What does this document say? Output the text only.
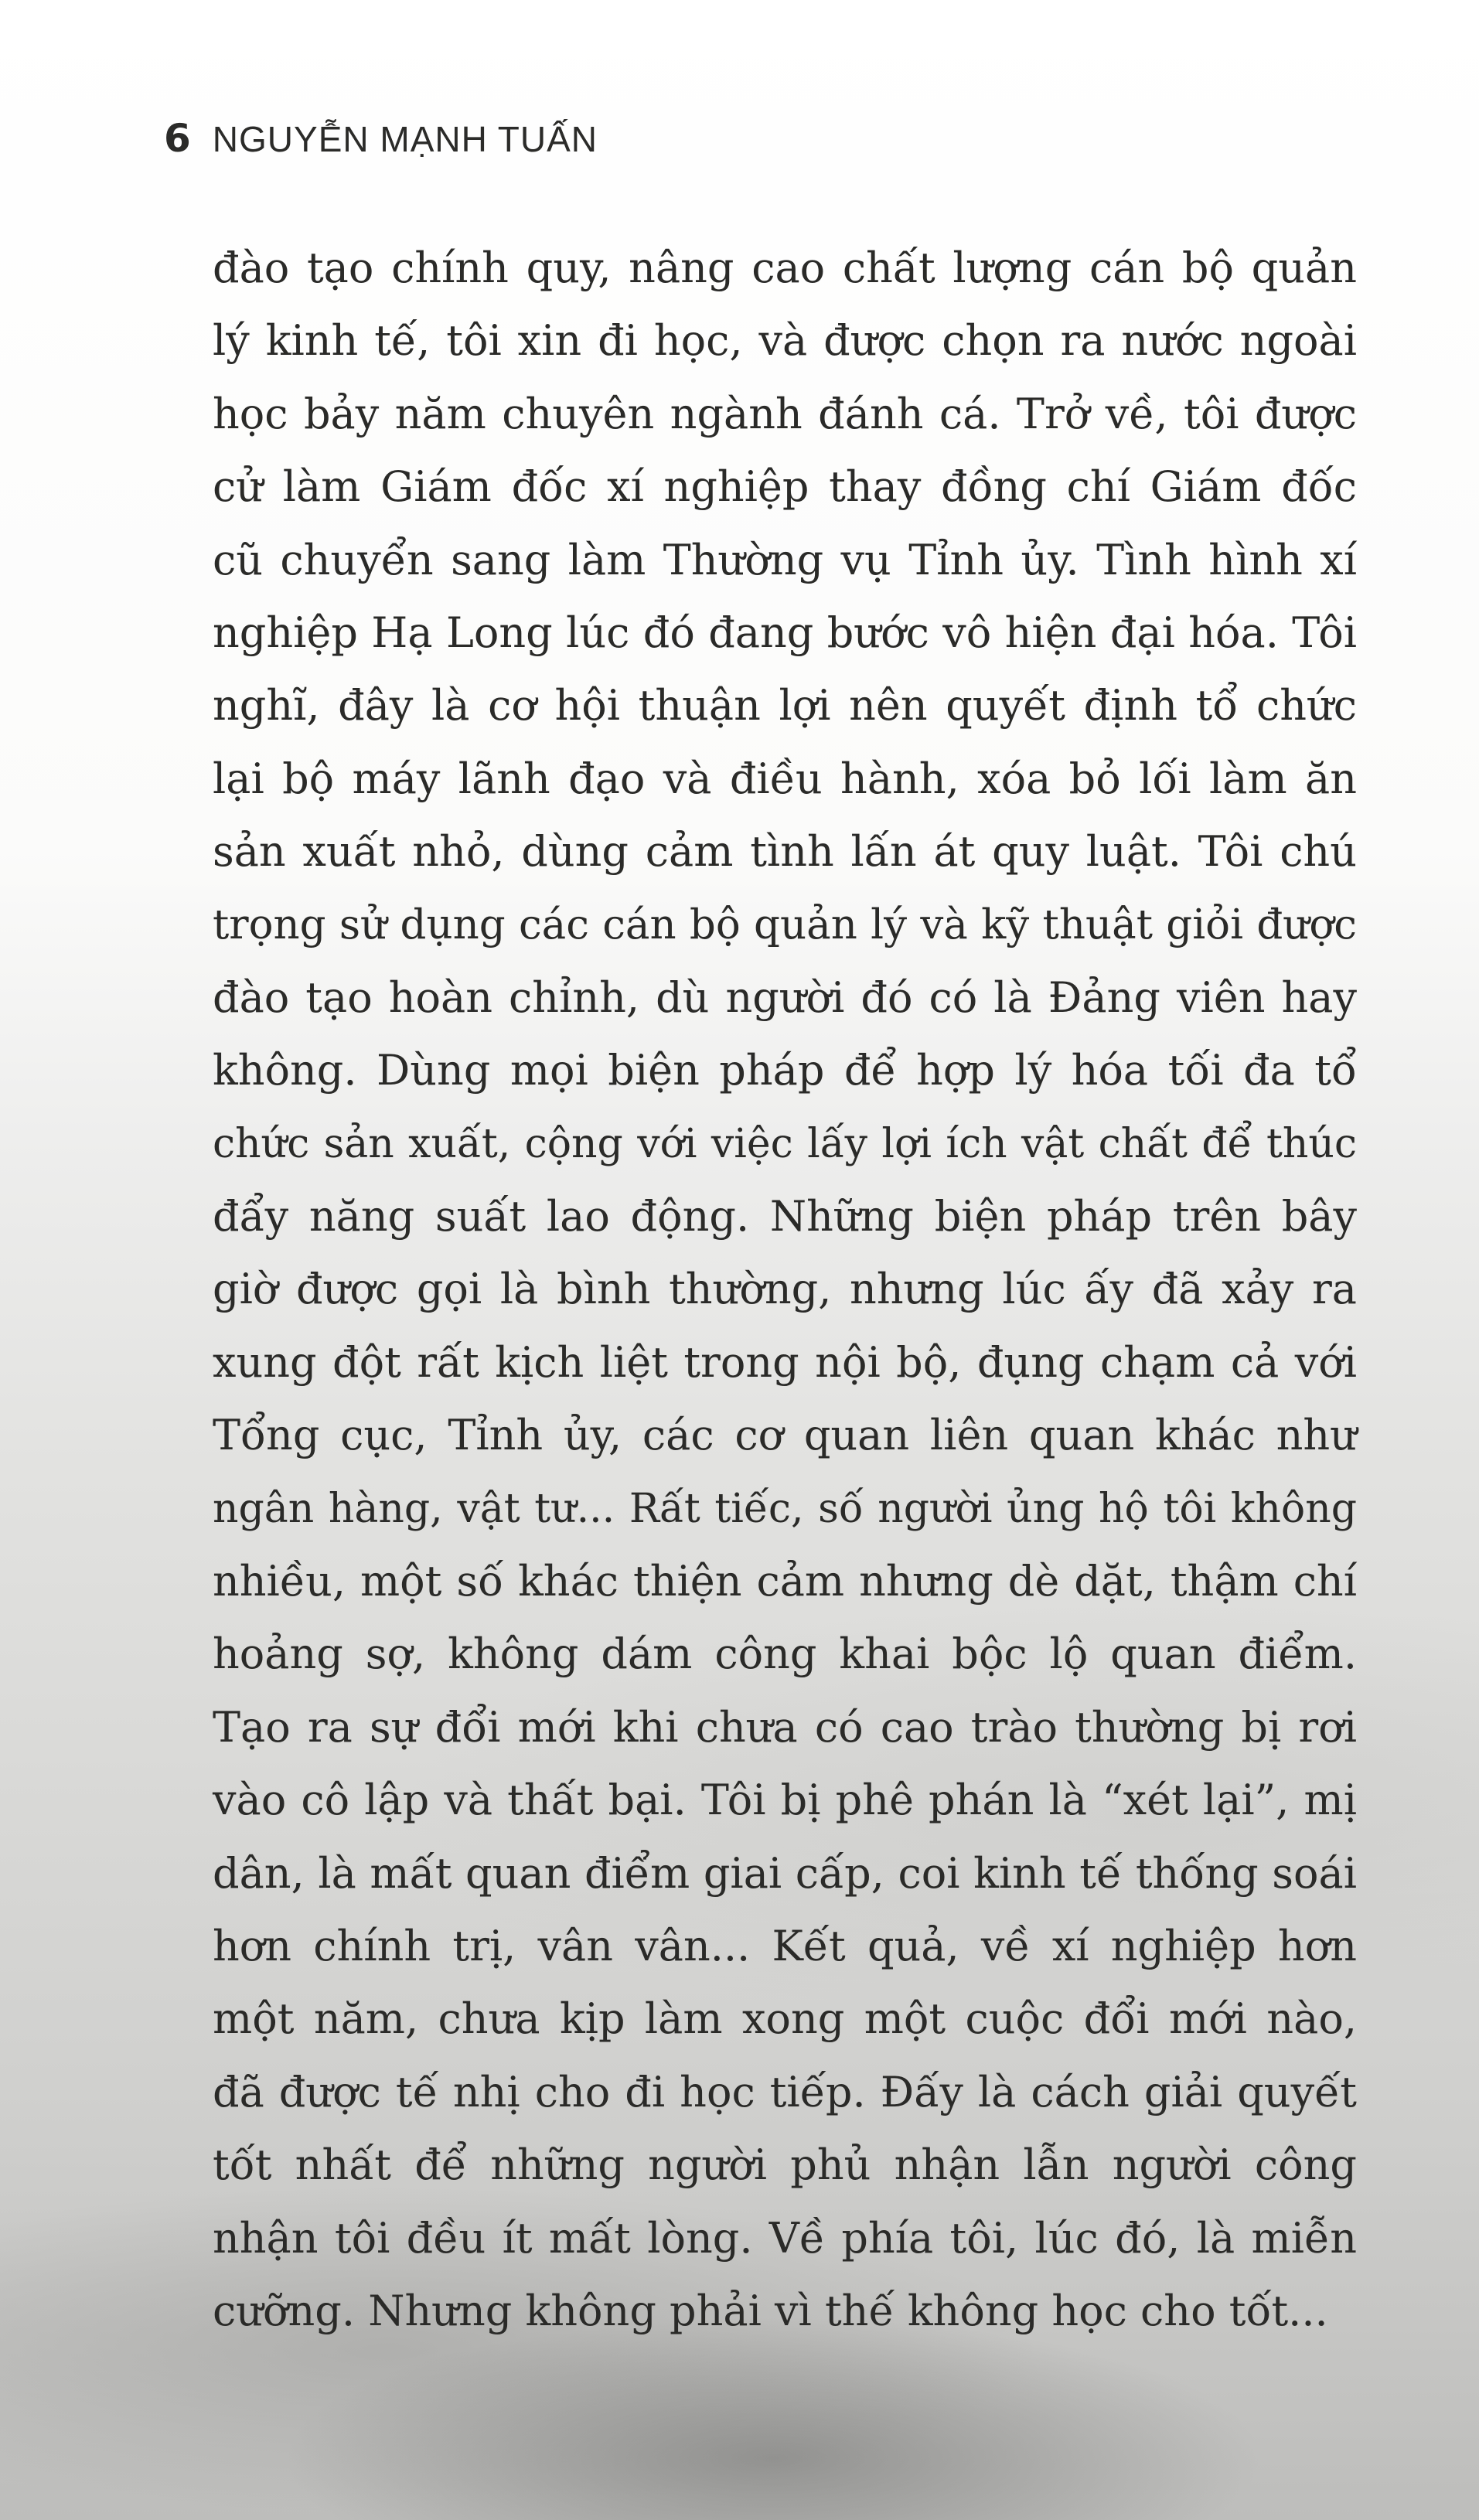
6 NGUYỄN MẠNH TUẤN
đào tạo chính quy, nâng cao chất lượng cán bộ quản
lý kinh tế, tôi xin đi học, và được chọn ra nước ngoài
học bảy năm chuyên ngành đánh cá. Trở về, tôi được
cử làm Giám đốc xí nghiệp thay đồng chí Giám đốc
cũ chuyển sang làm Thường vụ Tỉnh ủy. Tình hình xí
nghiệp Hạ Long lúc đó đang bước vô hiện đại hóa. Tôi
nghĩ, đây là cơ hội thuận lợi nên quyết định tổ chức
lại bộ máy lãnh đạo và điều hành, xóa bỏ lối làm ăn
sản xuất nhỏ, dùng cảm tình lấn át quy luật. Tôi chú
trọng sử dụng các cán bộ quản lý và kỹ thuật giỏi được
đào tạo hoàn chỉnh, dù người đó có là Đảng viên hay
không. Dùng mọi biện pháp để hợp lý hóa tối đa tổ
chức sản xuất, cộng với việc lấy lợi ích vật chất để thúc
đẩy năng suất lao động. Những biện pháp trên bây
giờ được gọi là bình thường, nhưng lúc ấy đã xảy ra
xung đột rất kịch liệt trong nội bộ, đụng chạm cả với
Tổng cục, Tỉnh ủy, các cơ quan liên quan khác như
ngân hàng, vật tư... Rất tiếc, số người ủng hộ tôi không
nhiều, một số khác thiện cảm nhưng dè dặt, thậm chí
hoảng sợ, không dám công khai bộc lộ quan điểm.
Tạo ra sự đổi mới khi chưa có cao trào thường bị rơi
vào cô lập và thất bại. Tôi bị phê phán là “xét lại”, mị
dân, là mất quan điểm giai cấp, coi kinh tế thống soái
hơn chính trị, vân vân... Kết quả, về xí nghiệp hơn
một năm, chưa kịp làm xong một cuộc đổi mới nào,
đã được tế nhị cho đi học tiếp. Đấy là cách giải quyết
tốt nhất để những người phủ nhận lẫn người công
nhận tôi đều ít mất lòng. Về phía tôi, lúc đó, là miễn
cưỡng. Nhưng không phải vì thế không học cho tốt...
